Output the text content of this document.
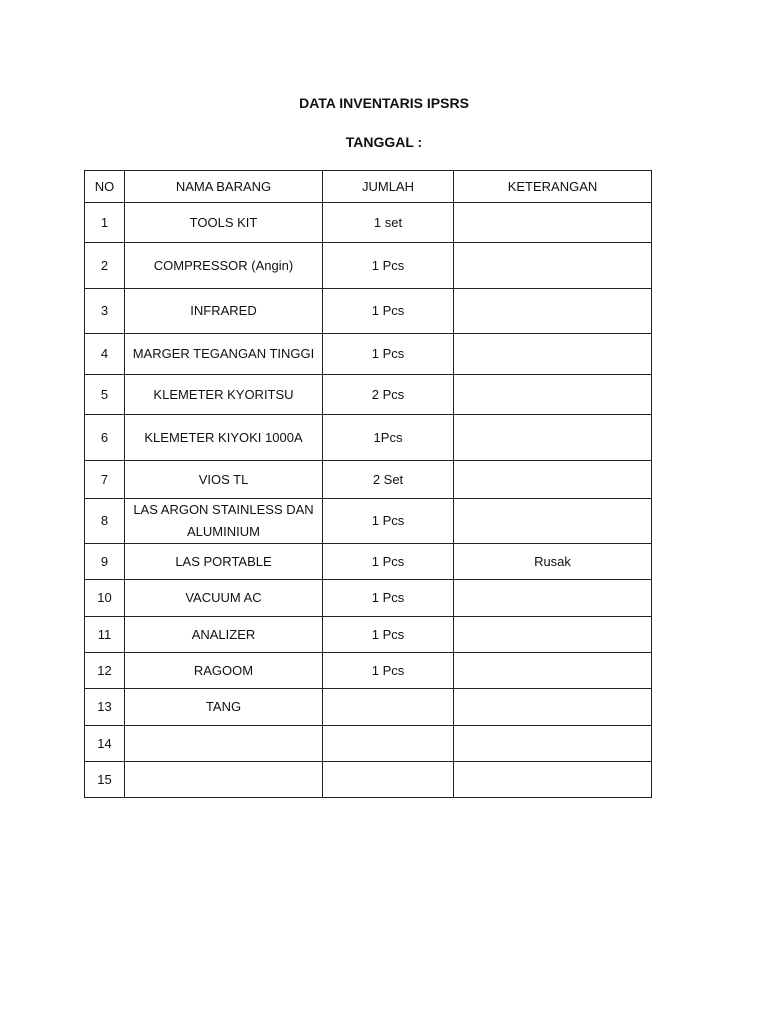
DATA INVENTARIS IPSRS
TANGGAL :
NO	NAMA BARANG	JUMLAH	KETERANGAN
1	TOOLS KIT	1 set	
2	COMPRESSOR (Angin)	1 Pcs	
3	INFRARED	1 Pcs	
4	MARGER TEGANGAN TINGGI	1 Pcs	
5	KLEMETER KYORITSU	2 Pcs	
6	KLEMETER KIYOKI 1000A	1Pcs	
7	VIOS TL	2 Set	
8	LAS ARGON STAINLESS DAN ALUMINIUM	1 Pcs	
9	LAS PORTABLE	1 Pcs	Rusak
10	VACUUM AC	1 Pcs	
11	ANALIZER	1 Pcs	
12	RAGOOM	1 Pcs	
13	TANG		
14			
15			
